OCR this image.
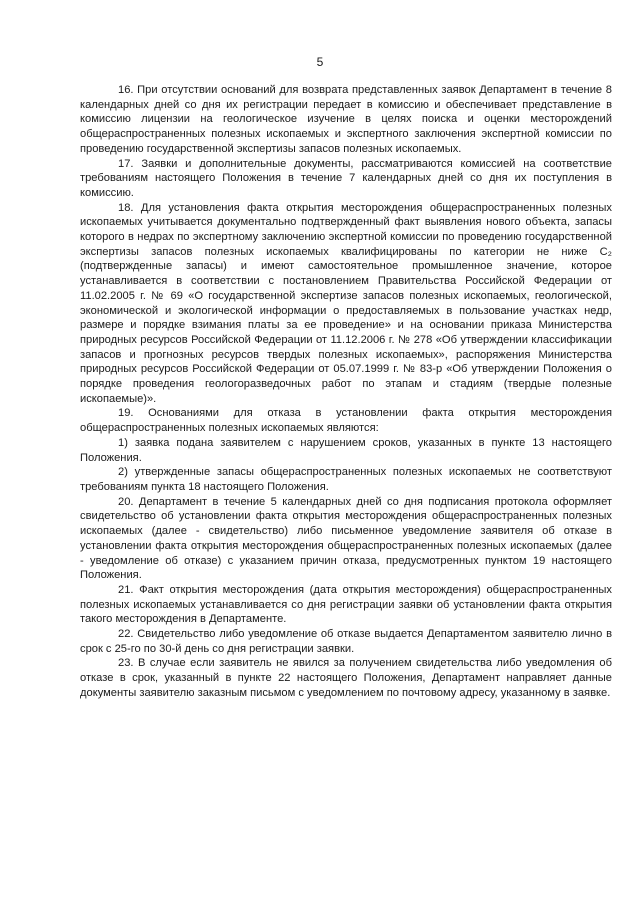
5

16. При отсутствии оснований для возврата представленных заявок Департамент в течение 8 календарных дней со дня их регистрации передает в комиссию и обеспечивает представление в комиссию лицензии на геологическое изучение в целях поиска и оценки месторождений общераспространенных полезных ископаемых и экспертного заключения экспертной комиссии по проведению государственной экспертизы запасов полезных ископаемых.

17. Заявки и дополнительные документы, рассматриваются комиссией на соответствие требованиям настоящего Положения в течение 7 календарных дней со дня их поступления в комиссию.

18. Для установления факта открытия месторождения общераспространенных полезных ископаемых учитывается документально подтвержденный факт выявления нового объекта, запасы которого в недрах по экспертному заключению экспертной комиссии по проведению государственной экспертизы запасов полезных ископаемых квалифицированы по категории не ниже C₂ (подтвержденные запасы) и имеют самостоятельное промышленное значение, которое устанавливается в соответствии с постановлением Правительства Российской Федерации от 11.02.2005 г. № 69 «О государственной экспертизе запасов полезных ископаемых, геологической, экономической и экологической информации о предоставляемых в пользование участках недр, размере и порядке взимания платы за ее проведение» и на основании приказа Министерства природных ресурсов Российской Федерации от 11.12.2006 г. № 278 «Об утверждении классификации запасов и прогнозных ресурсов твердых полезных ископаемых», распоряжения Министерства природных ресурсов Российской Федерации от 05.07.1999 г. № 83-р «Об утверждении Положения о порядке проведения геологоразведочных работ по этапам и стадиям (твердые полезные ископаемые)».

19. Основаниями для отказа в установлении факта открытия месторождения общераспространенных полезных ископаемых являются:

1) заявка подана заявителем с нарушением сроков, указанных в пункте 13 настоящего Положения.

2) утвержденные запасы общераспространенных полезных ископаемых не соответствуют требованиям пункта 18 настоящего Положения.

20. Департамент в течение 5 календарных дней со дня подписания протокола оформляет свидетельство об установлении факта открытия месторождения общераспространенных полезных ископаемых (далее - свидетельство) либо письменное уведомление заявителя об отказе в установлении факта открытия месторождения общераспространенных полезных ископаемых (далее - уведомление об отказе) с указанием причин отказа, предусмотренных пунктом 19 настоящего Положения.

21. Факт открытия месторождения (дата открытия месторождения) общераспространенных полезных ископаемых устанавливается со дня регистрации заявки об установлении факта открытия такого месторождения в Департаменте.

22. Свидетельство либо уведомление об отказе выдается Департаментом заявителю лично в срок с 25-го по 30-й день со дня регистрации заявки.

23. В случае если заявитель не явился за получением свидетельства либо уведомления об отказе в срок, указанный в пункте 22 настоящего Положения, Департамент направляет данные документы заявителю заказным письмом с уведомлением по почтовому адресу, указанному в заявке.
